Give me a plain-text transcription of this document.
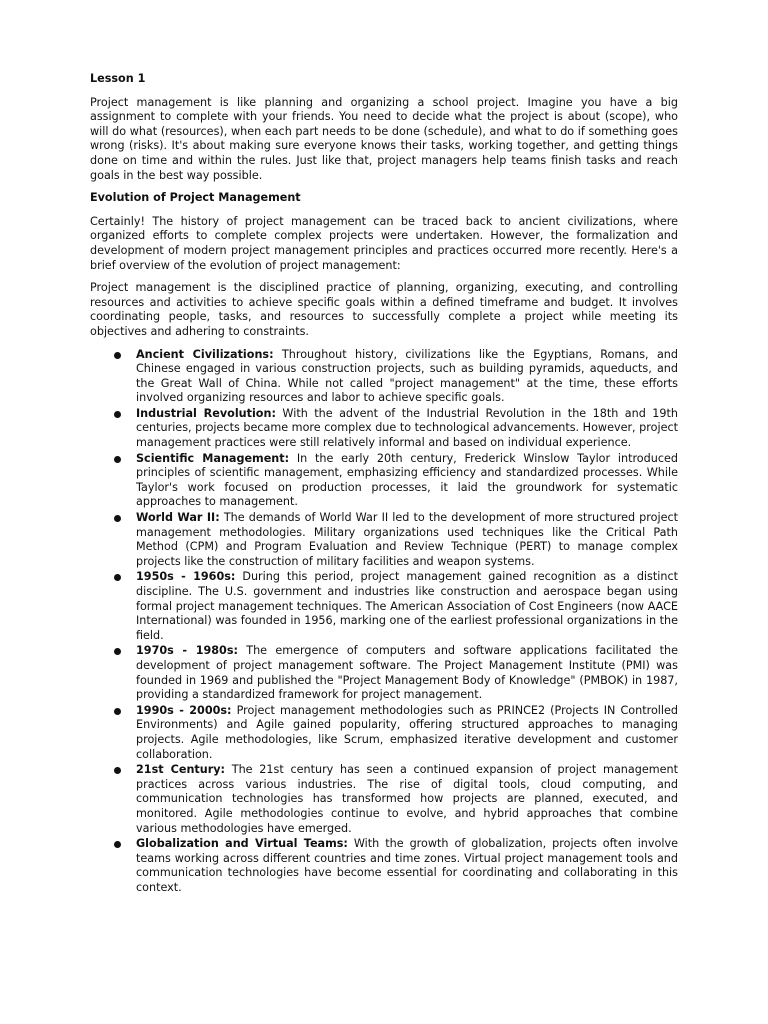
Lesson 1

Project management is like planning and organizing a school project. Imagine you have a big assignment to complete with your friends. You need to decide what the project is about (scope), who will do what (resources), when each part needs to be done (schedule), and what to do if something goes wrong (risks). It's about making sure everyone knows their tasks, working together, and getting things done on time and within the rules. Just like that, project managers help teams finish tasks and reach goals in the best way possible.

Evolution of Project Management

Certainly! The history of project management can be traced back to ancient civilizations, where organized efforts to complete complex projects were undertaken. However, the formalization and development of modern project management principles and practices occurred more recently. Here's a brief overview of the evolution of project management:

Project management is the disciplined practice of planning, organizing, executing, and controlling resources and activities to achieve specific goals within a defined timeframe and budget. It involves coordinating people, tasks, and resources to successfully complete a project while meeting its objectives and adhering to constraints.

Ancient Civilizations: Throughout history, civilizations like the Egyptians, Romans, and Chinese engaged in various construction projects, such as building pyramids, aqueducts, and the Great Wall of China. While not called "project management" at the time, these efforts involved organizing resources and labor to achieve specific goals.
Industrial Revolution: With the advent of the Industrial Revolution in the 18th and 19th centuries, projects became more complex due to technological advancements. However, project management practices were still relatively informal and based on individual experience.
Scientific Management: In the early 20th century, Frederick Winslow Taylor introduced principles of scientific management, emphasizing efficiency and standardized processes. While Taylor's work focused on production processes, it laid the groundwork for systematic approaches to management.
World War II: The demands of World War II led to the development of more structured project management methodologies. Military organizations used techniques like the Critical Path Method (CPM) and Program Evaluation and Review Technique (PERT) to manage complex projects like the construction of military facilities and weapon systems.
1950s - 1960s: During this period, project management gained recognition as a distinct discipline. The U.S. government and industries like construction and aerospace began using formal project management techniques. The American Association of Cost Engineers (now AACE International) was founded in 1956, marking one of the earliest professional organizations in the field.
1970s - 1980s: The emergence of computers and software applications facilitated the development of project management software. The Project Management Institute (PMI) was founded in 1969 and published the "Project Management Body of Knowledge" (PMBOK) in 1987, providing a standardized framework for project management.
1990s - 2000s: Project management methodologies such as PRINCE2 (Projects IN Controlled Environments) and Agile gained popularity, offering structured approaches to managing projects. Agile methodologies, like Scrum, emphasized iterative development and customer collaboration.
21st Century: The 21st century has seen a continued expansion of project management practices across various industries. The rise of digital tools, cloud computing, and communication technologies has transformed how projects are planned, executed, and monitored. Agile methodologies continue to evolve, and hybrid approaches that combine various methodologies have emerged.
Globalization and Virtual Teams: With the growth of globalization, projects often involve teams working across different countries and time zones. Virtual project management tools and communication technologies have become essential for coordinating and collaborating in this context.
